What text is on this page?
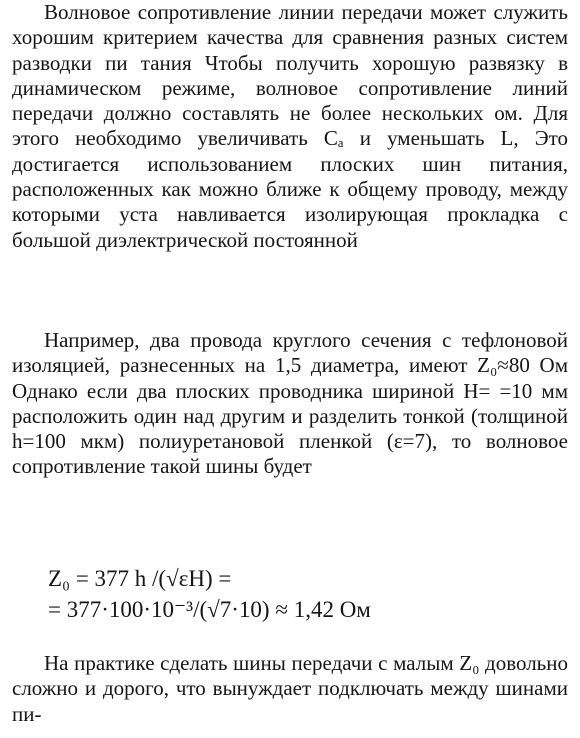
Волновое сопротивление линии передачи может служить хорошим критерием качества для сравнения разных систем разводки пи тания Чтобы получить хорошую развязку в динамическом режиме, волновое сопротивление линий передачи должно составлять не более нескольких ом. Для этого необходимо увеличивать Cₐ и уменьшать L, Это достигается использованием плоских шин питания, расположенных как можно ближе к общему проводу, между которыми уста навливается изолирующая прокладка с большой диэлектрической постоянной

Например, два провода круглого сечения с тефлоновой изоляцией, разнесенных на 1,5 диаметра, имеют Z₀≈80 Ом Однако если два плоских проводника шириной H= =10 мм расположить один над другим и разделить тонкой (толщиной h=100 мкм) полиуретановой пленкой (ε=7), то волновое сопротивление такой шины будет

Z₀ = 377 h /(√εH) =
= 377·100·10⁻³/(√7·10) ≈ 1,42 Ом

На практике сделать шины передачи с малым Z₀ довольно сложно и дорого, что вынуждает подключать между шинами пи-
